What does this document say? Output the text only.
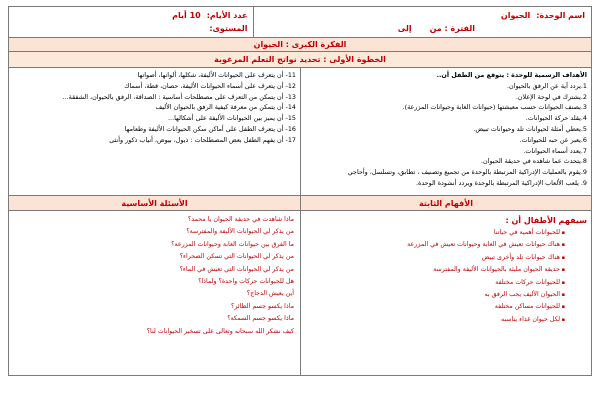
اسم الوحدة:
الحيوان
الفترة : من
إلى
عدد الأيام:
10 أيام
المستوى:
الفكرة الكبرى : الحيوان
الخطوة الأولى : تحديد نواتج التعلم المرغوبة
الأهداف الرسمية للوحدة : يتوقع من الطفل أن..
1.يردد آية عن الرفق بالحيوان.
2.يشترك في لوحة الإعلان.
3.يصنف الحيوانات حسب معيشتها (حيوانات الغابة وحيوانات المزرعة).
4.يقلد حركة الحيوانات.
5.يعطي أمثلة لحيوانات تلد وحيوانات تبيض.
6.يعبر عن حبه للحيوانات.
7.يعدد أسماء الحيوانات.
8.يتحدث عما شاهده في حديقة الحيوان.
9.يقوم بالعمليات الإدراكية المرتبطة بالوحدة من تجميع وتصنيف ، تطابق، وتسلسل، وأحاجي
9. يلعب الألعاب الإدراكية المرتبطة بالوحدة ويردد أنشودة الوحدة.
11- أن يتعرف على الحيوانات الأليفة، شكلها، ألوانها، أصواتها
12- أن يتعرف على أسماء الحيوانات الأليفة، حصان، قطة، أسماك
13- أن يتمكن من التعرف على مصطلحات أساسية : الصداقة، الرفق بالحيوان، الشفقة...
14- أن يتمكن من معرفة كيفية الرفق بالحيوان الأليف
15- أن يميز بين الحيوانات الأليفة على أشكالها...
16- أن يتعرف الطفل على أماكن سكن الحيوانات الأليفة وطعامها
17- أن يفهم الطفل بعض المصطلحات : ذيول، بيوض، أنياب ذكور وأنثى
الأفهام الثابتة
الأسئلة الأساسية
سيفهم الأطفال أن :
▪ للحيوانات أهمية في حياتنا
▪ هناك حيوانات تعيش في الغابة وحيوانات تعيش في المزرعة
▪ هناك حيوانات تلد وأخرى تبيض
▪ حديقة الحيوان مليئة بالحيوانات الأليفة والمفترسة
▪ للحيوانات حركات مختلفة
▪ الحيوان الأليف يجب الرفق به
▪ للحيوانات مساكن مختلفة
▪ لكل حيوان غذاء يناسبه
ماذا شاهدت في حديقة الحيوان يا محمد؟
من يذكر لي الحيوانات الأليفة والمفترسة؟
ما الفرق بين حيوانات الغابة وحيوانات المزرعة؟
من يذكر لي الحيوانات التي تسكن الصحراء؟
من يذكر لي الحيوانات التي تعيش في الماء؟
هل للحيوانات حركات واحدة؟ ولماذا؟
أين يعيش الدجاج؟
ماذا يكسو جسم الطائر؟
ماذا يكسو جسم السمكة؟
كيف نشكر الله سبحانه وتعالى على تسخير الحيوانات لنا؟
